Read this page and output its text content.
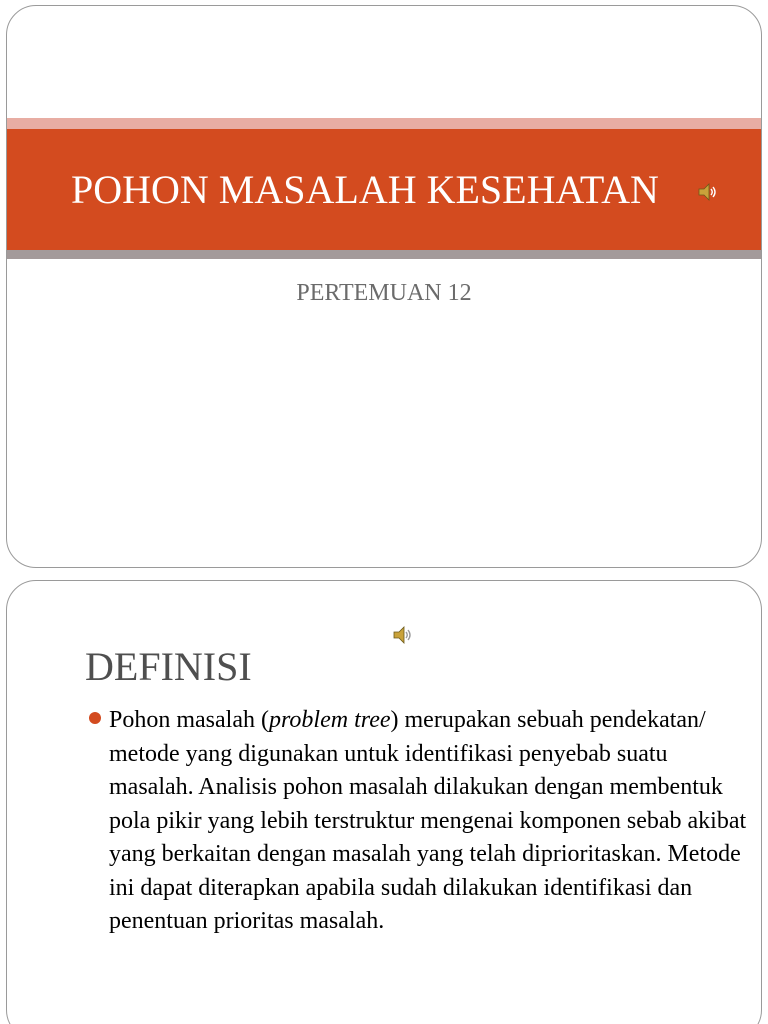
POHON MASALAH KESEHATAN
PERTEMUAN 12
DEFINISI
Pohon masalah (problem tree) merupakan sebuah pendekatan/ metode yang digunakan untuk identifikasi penyebab suatu masalah. Analisis pohon masalah dilakukan dengan membentuk pola pikir yang lebih terstruktur mengenai komponen sebab akibat yang berkaitan dengan masalah yang telah diprioritaskan. Metode ini dapat diterapkan apabila sudah dilakukan identifikasi dan penentuan prioritas masalah.
